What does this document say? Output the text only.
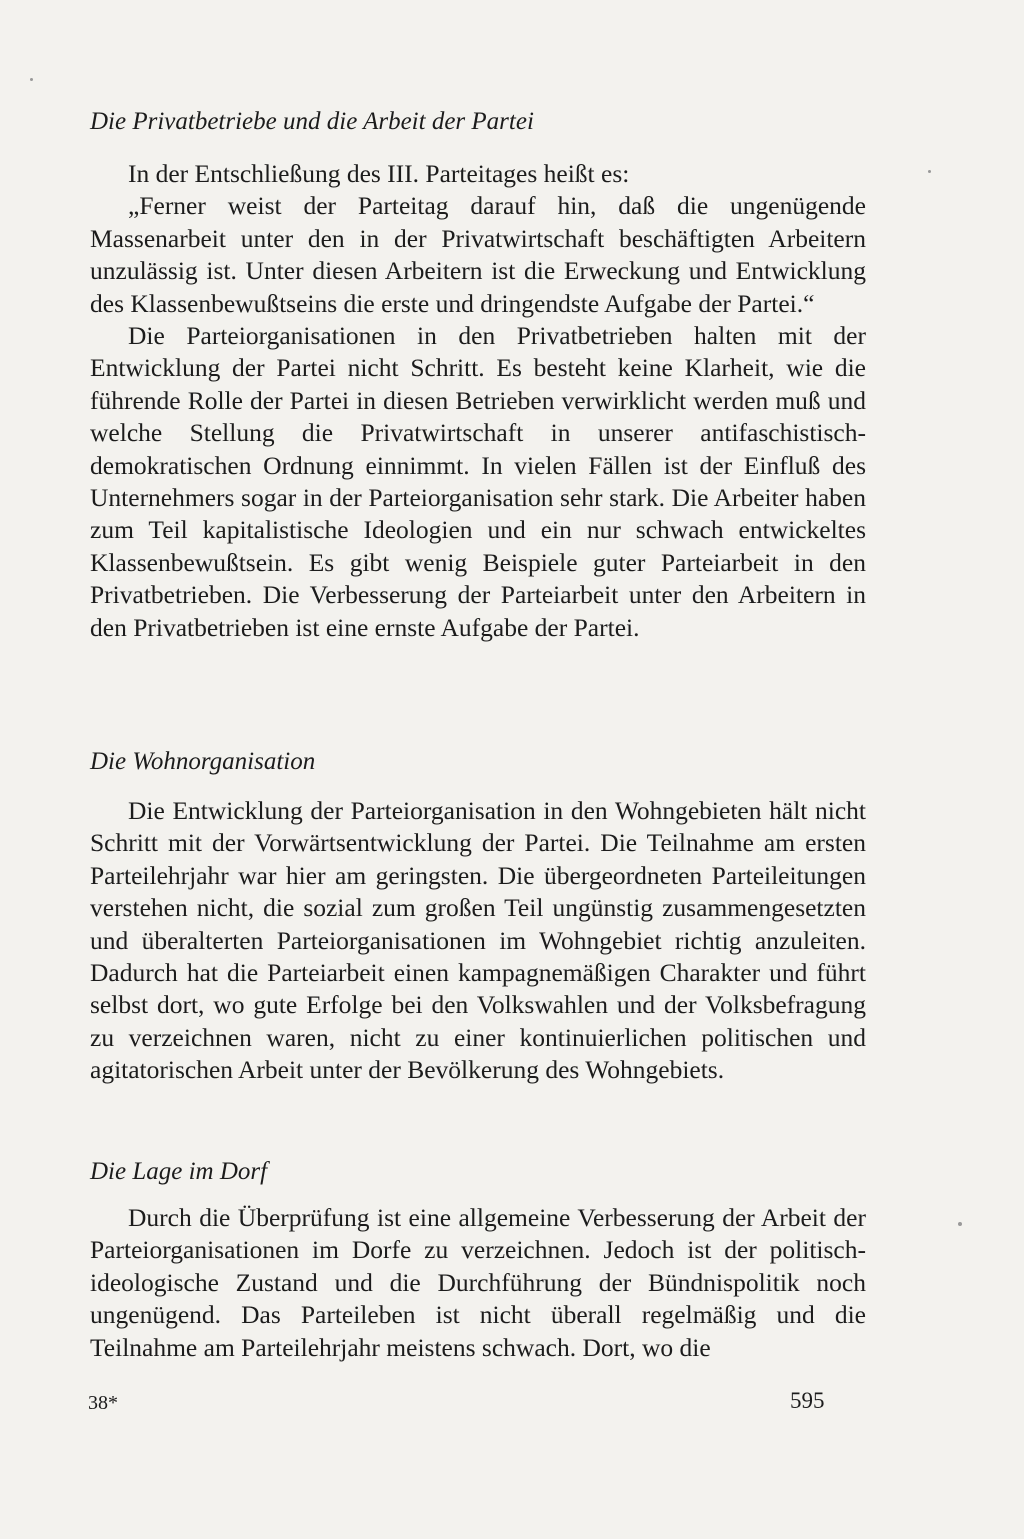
Die Privatbetriebe und die Arbeit der Partei

In der Entschließung des III. Parteitages heißt es:

„Ferner weist der Parteitag darauf hin, daß die ungenügende Massenarbeit unter den in der Privatwirtschaft beschäftigten Arbeitern unzulässig ist. Unter diesen Arbeitern ist die Erweckung und Entwicklung des Klassenbewußtseins die erste und dringendste Aufgabe der Partei.“

Die Parteiorganisationen in den Privatbetrieben halten mit der Entwicklung der Partei nicht Schritt. Es besteht keine Klarheit, wie die führende Rolle der Partei in diesen Betrieben verwirklicht werden muß und welche Stellung die Privatwirtschaft in unserer antifaschistisch-demokratischen Ordnung einnimmt. In vielen Fällen ist der Einfluß des Unternehmers sogar in der Parteiorganisation sehr stark. Die Arbeiter haben zum Teil kapitalistische Ideologien und ein nur schwach entwickeltes Klassenbewußtsein. Es gibt wenig Beispiele guter Parteiarbeit in den Privatbetrieben. Die Verbesserung der Parteiarbeit unter den Arbeitern in den Privatbetrieben ist eine ernste Aufgabe der Partei.

Die Wohnorganisation

Die Entwicklung der Parteiorganisation in den Wohngebieten hält nicht Schritt mit der Vorwärtsentwicklung der Partei. Die Teilnahme am ersten Parteilehrjahr war hier am geringsten. Die übergeordneten Parteileitungen verstehen nicht, die sozial zum großen Teil ungünstig zusammengesetzten und überalterten Parteiorganisationen im Wohngebiet richtig anzuleiten. Dadurch hat die Parteiarbeit einen kampagnemäßigen Charakter und führt selbst dort, wo gute Erfolge bei den Volkswahlen und der Volksbefragung zu verzeichnen waren, nicht zu einer kontinuierlichen politischen und agitatorischen Arbeit unter der Bevölkerung des Wohngebiets.

Die Lage im Dorf

Durch die Überprüfung ist eine allgemeine Verbesserung der Arbeit der Parteiorganisationen im Dorfe zu verzeichnen. Jedoch ist der politisch-ideologische Zustand und die Durchführung der Bündnispolitik noch ungenügend. Das Parteileben ist nicht überall regelmäßig und die Teilnahme am Parteilehrjahr meistens schwach. Dort, wo die

38*	595
